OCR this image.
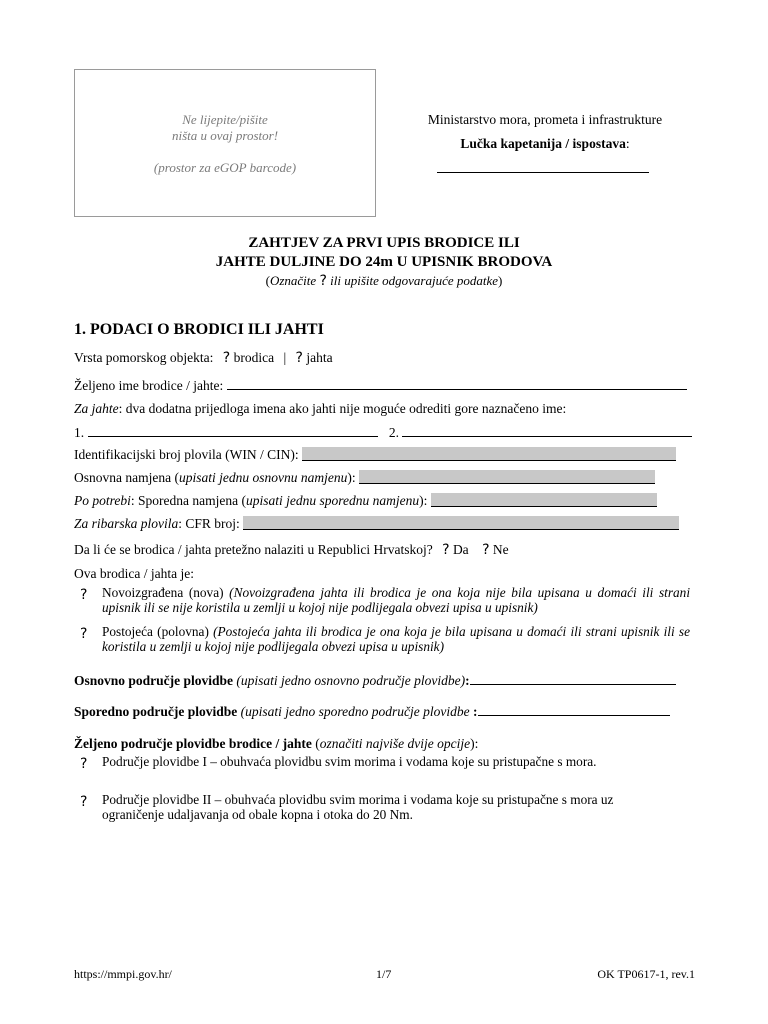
Ne lijepite/pišite
ništa u ovaj prostor!
(prostor za eGOP barcode)
Ministarstvo mora, prometa i infrastrukture
Lučka kapetanija / ispostava:
ZAHTJEV ZA PRVI UPIS BRODICE ILI
JAHTE DULJINE DO 24m U UPISNIK BRODOVA
(Označite ? ili upišite odgovarajuće podatke)
1. PODACI O BRODICI ILI JAHTI
Vrsta pomorskog objekta: ? brodica | ? jahta
Željeno ime brodice / jahte:
Za jahte: dva dodatna prijedloga imena ako jahti nije moguće odrediti gore naznačeno ime:
1.	2.
Identifikacijski broj plovila (WIN / CIN):
Osnovna namjena (upisati jednu osnovnu namjenu):
Po potrebi: Sporedna namjena (upisati jednu sporednu namjenu):
Za ribarska plovila: CFR broj:
Da li će se brodica / jahta pretežno nalaziti u Republici Hrvatskoj? ? Da ? Ne
Ova brodica / jahta je:
? Novoizgrađena (nova) (Novoizgrađena jahta ili brodica je ona koja nije bila upisana u domaći ili strani upisnik ili se nije koristila u zemlji u kojoj nije podlijegala obvezi upisa u upisnik)
? Postojeća (polovna) (Postojeća jahta ili brodica je ona koja je bila upisana u domaći ili strani upisnik ili se koristila u zemlji u kojoj nije podlijegala obvezi upisa u upisnik)
Osnovno područje plovidbe (upisati jedno osnovno područje plovidbe):
Sporedno područje plovidbe (upisati jedno sporedno područje plovidbe :
Željeno područje plovidbe brodice / jahte (označiti najviše dvije opcije):
? Područje plovidbe I – obuhvaća plovidbu svim morima i vodama koje su pristupačne s mora.
? Područje plovidbe II – obuhvaća plovidbu svim morima i vodama koje su pristupačne s mora uz ograničenje udaljavanja od obale kopna i otoka do 20 Nm.
https://mmpi.gov.hr/	1/7	OK TP0617-1, rev.1
